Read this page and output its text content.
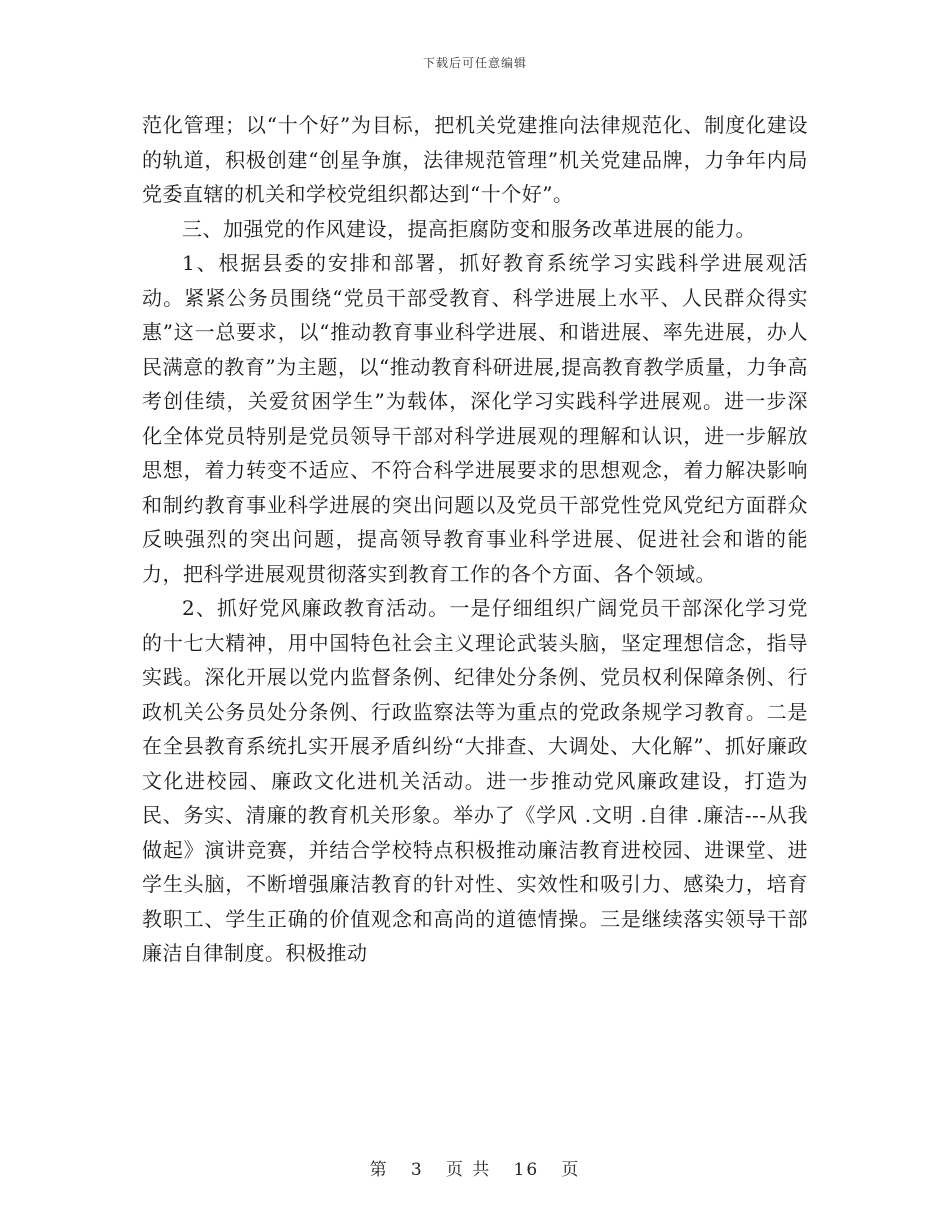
下载后可任意编辑

范化管理；以“十个好”为目标，把机关党建推向法律规范化、制度化建设的轨道，积极创建“创星争旗，法律规范管理”机关党建品牌，力争年内局党委直辖的机关和学校党组织都达到“十个好”。

三、加强党的作风建设，提高拒腐防变和服务改革进展的能力。

1、根据县委的安排和部署，抓好教育系统学习实践科学进展观活动。紧紧公务员围绕“党员干部受教育、科学进展上水平、人民群众得实惠”这一总要求，以“推动教育事业科学进展、和谐进展、率先进展，办人民满意的教育”为主题，以“推动教育科研进展,提高教育教学质量，力争高考创佳绩，关爱贫困学生”为载体，深化学习实践科学进展观。进一步深化全体党员特别是党员领导干部对科学进展观的理解和认识，进一步解放思想，着力转变不适应、不符合科学进展要求的思想观念，着力解决影响和制约教育事业科学进展的突出问题以及党员干部党性党风党纪方面群众反映强烈的突出问题，提高领导教育事业科学进展、促进社会和谐的能力，把科学进展观贯彻落实到教育工作的各个方面、各个领域。

2、抓好党风廉政教育活动。一是仔细组织广阔党员干部深化学习党的十七大精神，用中国特色社会主义理论武装头脑，坚定理想信念，指导实践。深化开展以党内监督条例、纪律处分条例、党员权利保障条例、行政机关公务员处分条例、行政监察法等为重点的党政条规学习教育。二是在全县教育系统扎实开展矛盾纠纷“大排查、大调处、大化解”、抓好廉政文化进校园、廉政文化进机关活动。进一步推动党风廉政建设，打造为民、务实、清廉的教育机关形象。举办了《学风 .文明 .自律 .廉洁---从我做起》演讲竞赛，并结合学校特点积极推动廉洁教育进校园、进课堂、进学生头脑，不断增强廉洁教育的针对性、实效性和吸引力、感染力，培育教职工、学生正确的价值观念和高尚的道德情操。三是继续落实领导干部廉洁自律制度。积极推动

第 3 页 共 16 页
